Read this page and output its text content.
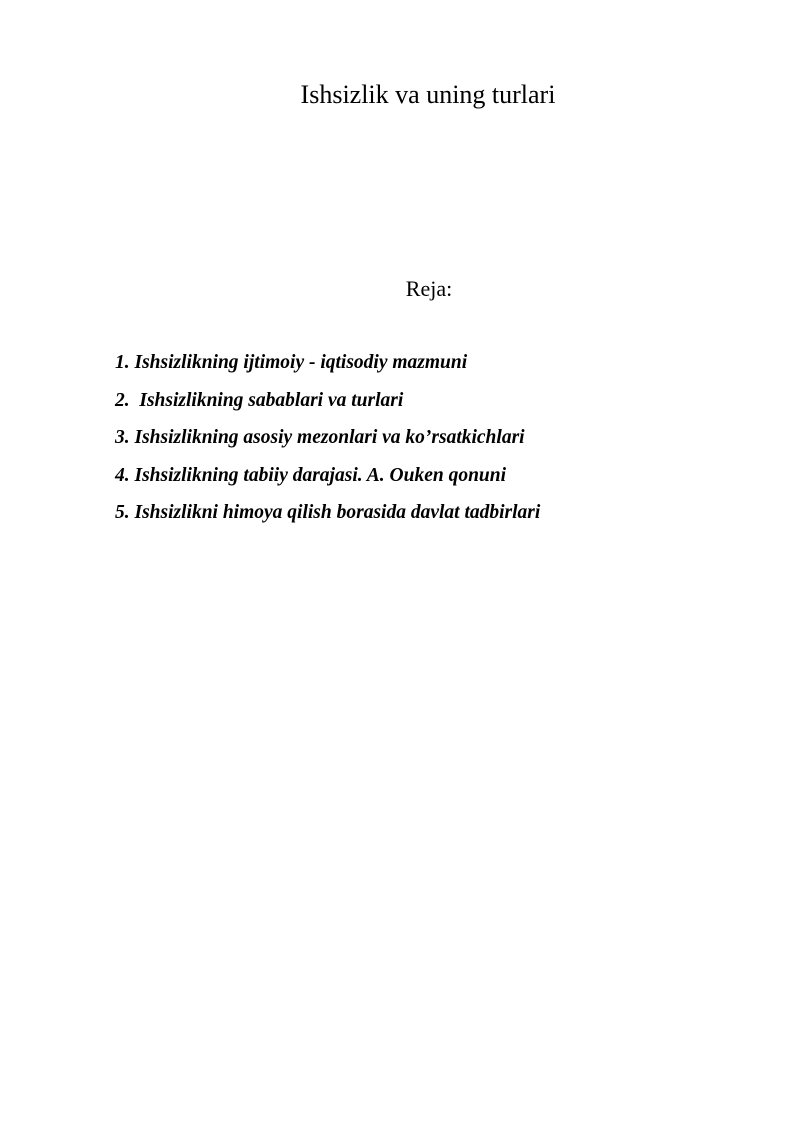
Ishsizlik va uning turlari
Reja:
1. Ishsizlikning ijtimoiy - iqtisodiy mazmuni
2.  Ishsizlikning sabablari va turlari
3. Ishsizlikning asosiy mezonlari va ko’rsatkichlari
4. Ishsizlikning tabiiy darajasi. A. Ouken qonuni
5. Ishsizlikni himoya qilish borasida davlat tadbirlari
